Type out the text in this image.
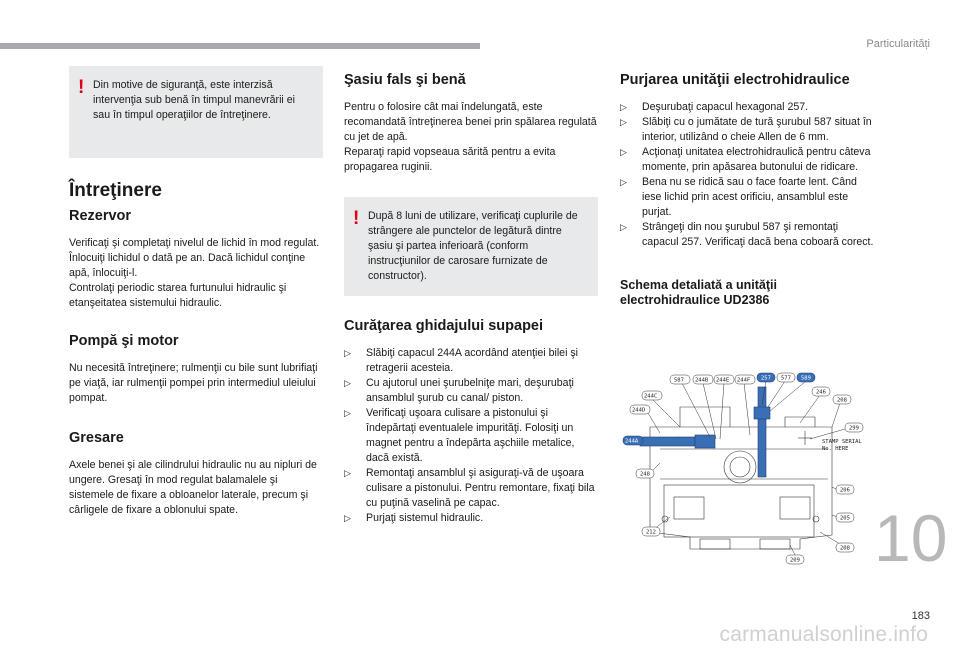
Particularități
! Din motive de siguranţă, este interzisă intervenţia sub benă în timpul manevrării ei sau în timpul operaţiilor de întreţinere.
Întreţinere
Rezervor

Verificaţi şi completaţi nivelul de lichid în mod regulat. Înlocuiţi lichidul o dată pe an. Dacă lichidul conţine apă, înlocuiţi-l.

Controlaţi periodic starea furtunului hidraulic şi etanşeitatea sistemului hidraulic.

Pompă şi motor

Nu necesită întreţinere; rulmenţii cu bile sunt lubrifiaţi pe viaţă, iar rulmenţii pompei prin intermediul uleiului pompat.

Gresare

Axele benei şi ale cilindrului hidraulic nu au nipluri de ungere. Gresaţi în mod regulat balamalele şi sistemele de fixare a obloanelor laterale, precum şi cârligele de fixare a oblonului spate.

Şasiu fals şi benă

Pentru o folosire cât mai îndelungată, este recomandată întreţinerea benei prin spălarea regulată cu jet de apă.

Reparaţi rapid vopseaua sărită pentru a evita propagarea ruginii.

! După 8 luni de utilizare, verificaţi cuplurile de strângere ale punctelor de legătură dintre şasiu şi partea inferioară (conform instrucţiunilor de carosare furnizate de constructor).
Curăţarea ghidajului supapei
▷ Slăbiţi capacul 244A acordând atenţiei bilei şi retragerii acesteia.
▷ Cu ajutorul unei şurubelniţe mari, deşurubaţi ansamblul şurub cu canal/ piston.
▷ Verificaţi uşoara culisare a pistonului şi îndepărtaţi eventualele impurităţi. Folosiţi un magnet pentru a îndepărta aşchiile metalice, dacă există.
▷ Remontaţi ansamblul şi asiguraţi-vă de uşoara culisare a pistonului. Pentru remontare, fixaţi bila cu puţină vaselină pe capac.
▷ Purjaţi sistemul hidraulic.
Purjarea unităţii electrohidraulice
▷ Deşurubaţi capacul hexagonal 257.
▷ Slăbiţi cu o jumătate de tură şurubul 587 situat în interior, utilizând o cheie Allen de 6 mm.
▷ Acţionaţi unitatea electrohidraulică pentru câteva momente, prin apăsarea butonului de ridicare.
▷ Bena nu se ridică sau o face foarte lent. Când iese lichid prin acest orificiu, ansamblul este purjat.
▷ Strângeţi din nou şurubul 587 şi remontaţi capacul 257. Verificaţi dacă bena coboară corect.
Schema detaliată a unităţii electrohidraulice UD2386
587 244B 244E 244F 257 577 589
244C
246
208
244D
299
244A	STAMP SERIAL
No. HERE
248
206
205
212
208
209 10
183
carmanualsonline.info
